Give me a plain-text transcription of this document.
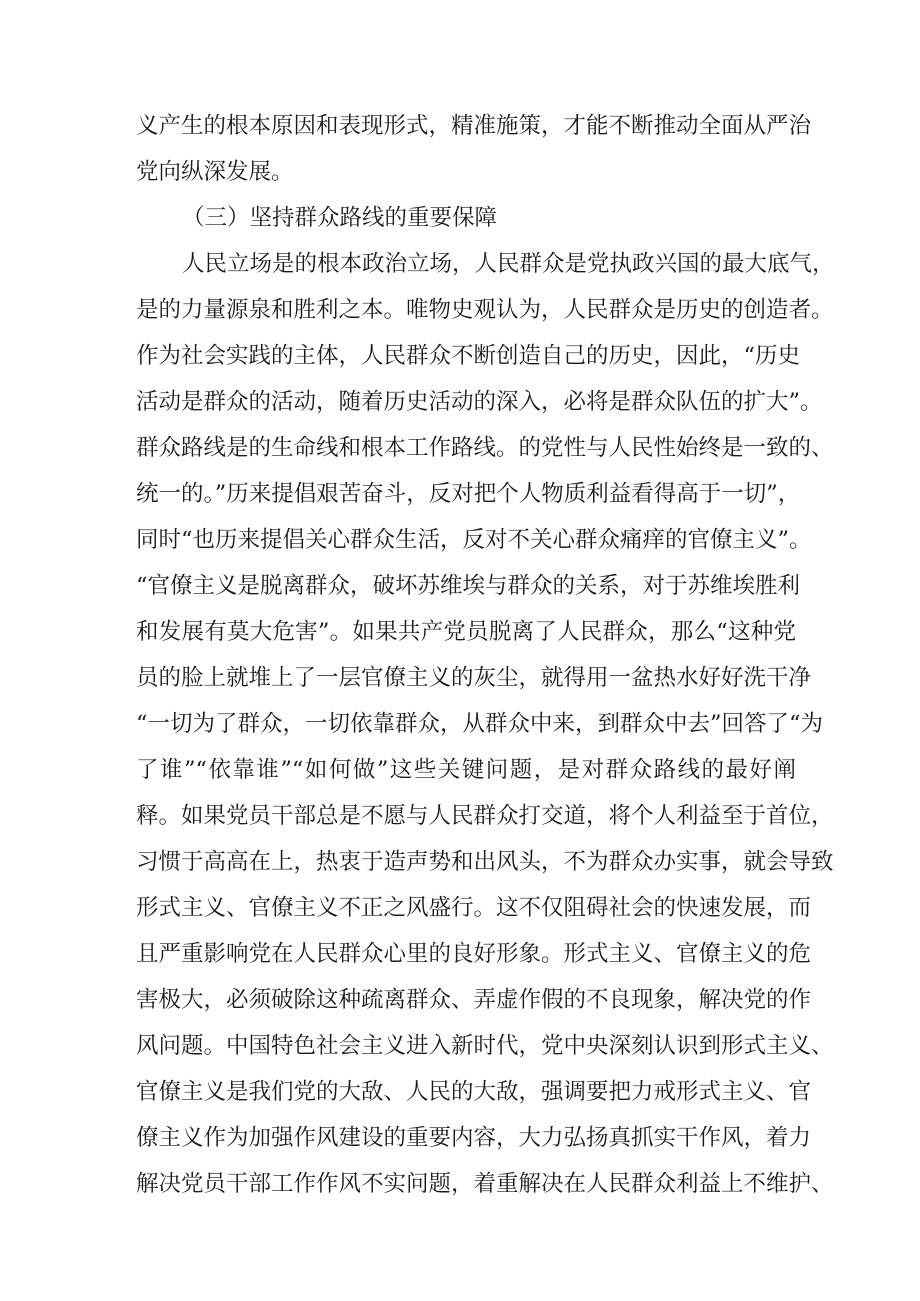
义产生的根本原因和表现形式，精准施策，才能不断推动全面从严治
党向纵深发展。
（三）坚持群众路线的重要保障
人民立场是的根本政治立场，人民群众是党执政兴国的最大底气，
是的力量源泉和胜利之本。唯物史观认为，人民群众是历史的创造者。
作为社会实践的主体，人民群众不断创造自己的历史，因此，“历史
活动是群众的活动，随着历史活动的深入，必将是群众队伍的扩大”。
群众路线是的生命线和根本工作路线。的党性与人民性始终是一致的、
统一的。”历来提倡艰苦奋斗，反对把个人物质利益看得高于一切”，
同时“也历来提倡关心群众生活，反对不关心群众痛痒的官僚主义”。
“官僚主义是脱离群众，破坏苏维埃与群众的关系，对于苏维埃胜利
和发展有莫大危害”。如果共产党员脱离了人民群众，那么“这种党
员的脸上就堆上了一层官僚主义的灰尘，就得用一盆热水好好洗干净
“一切为了群众，一切依靠群众，从群众中来，到群众中去”回答了“为
了谁”“依靠谁”“如何做”这些关键问题，是对群众路线的最好阐
释。如果党员干部总是不愿与人民群众打交道，将个人利益至于首位，
习惯于高高在上，热衷于造声势和出风头，不为群众办实事，就会导致
形式主义、官僚主义不正之风盛行。这不仅阻碍社会的快速发展，而
且严重影响党在人民群众心里的良好形象。形式主义、官僚主义的危
害极大，必须破除这种疏离群众、弄虚作假的不良现象，解决党的作
风问题。中国特色社会主义进入新时代，党中央深刻认识到形式主义、
官僚主义是我们党的大敌、人民的大敌，强调要把力戒形式主义、官
僚主义作为加强作风建设的重要内容，大力弘扬真抓实干作风，着力
解决党员干部工作作风不实问题，着重解决在人民群众利益上不维护、
